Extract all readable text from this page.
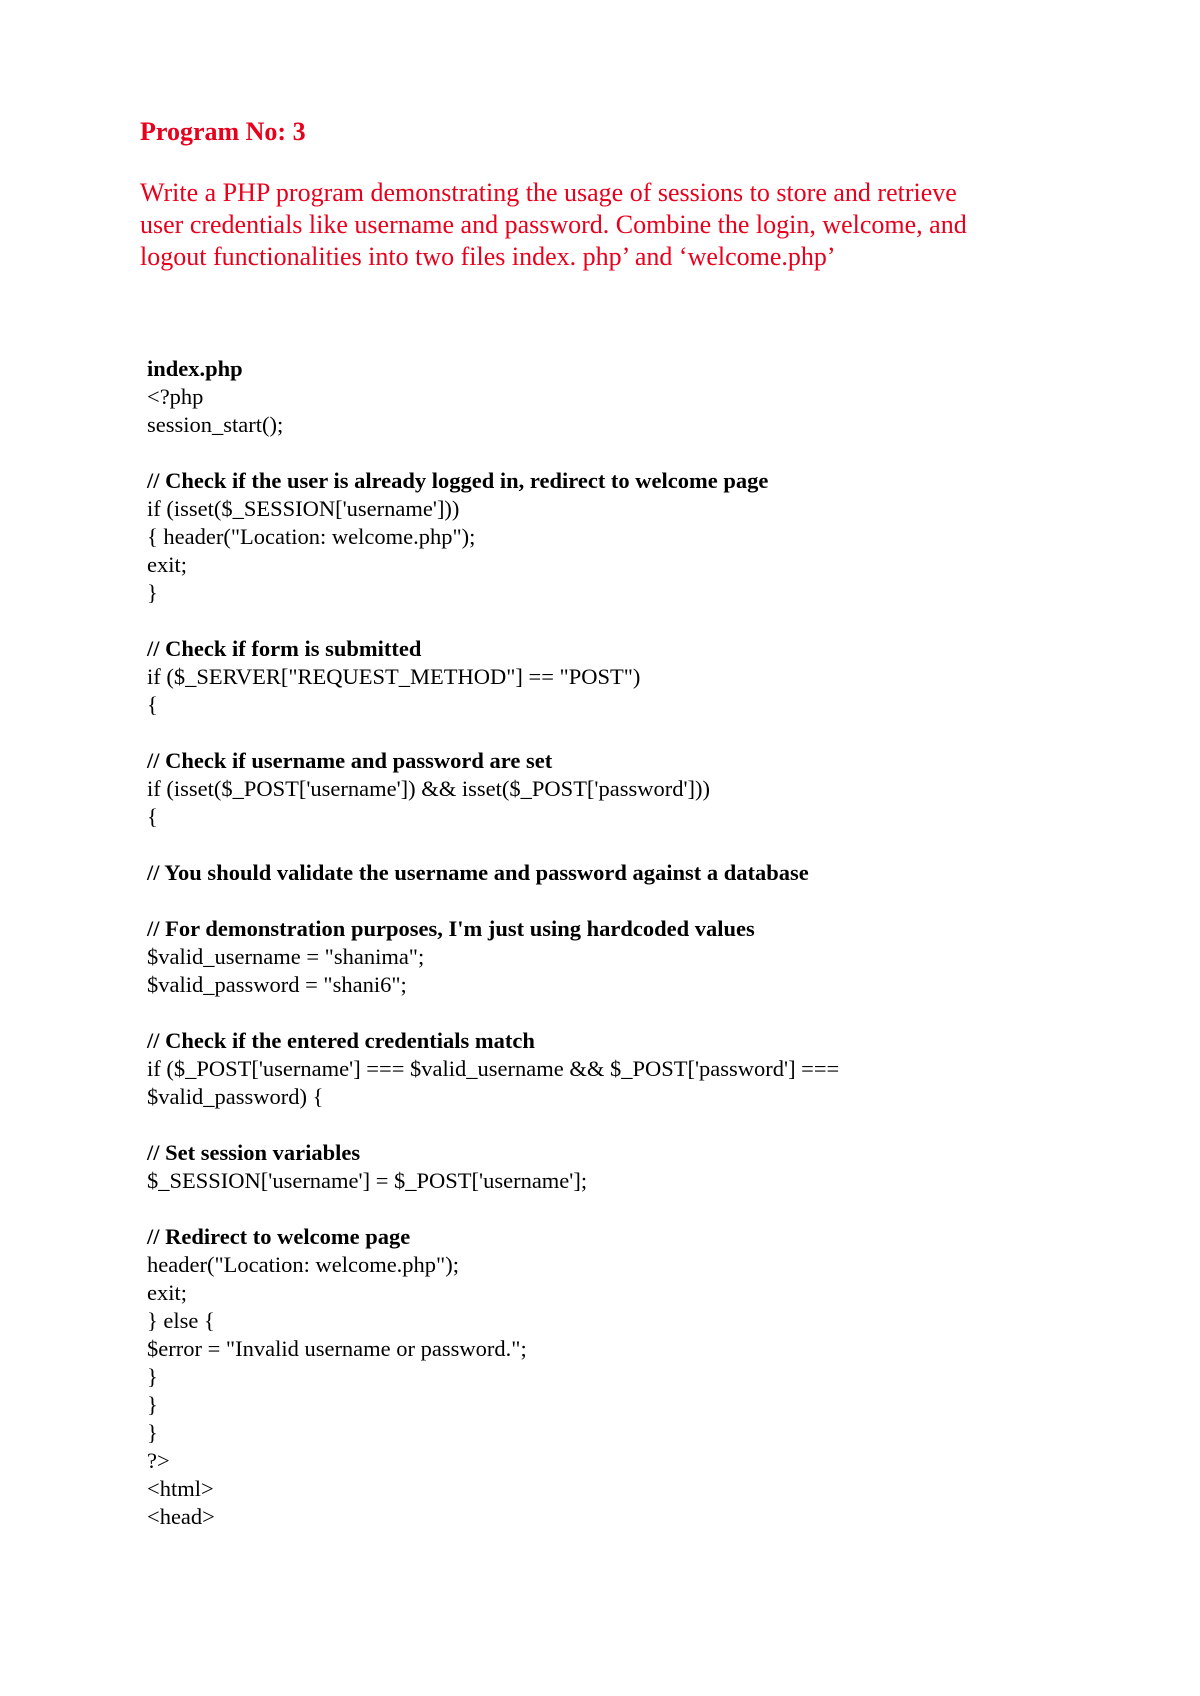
Program No: 3
Write a PHP program demonstrating the usage of sessions to store and retrieve
user credentials like username and password. Combine the login, welcome, and
logout functionalities into two files index. php’ and ‘welcome.php’
index.php
<?php
session_start();
// Check if the user is already logged in, redirect to welcome page
if (isset($_SESSION['username']))
{ header("Location: welcome.php");
exit;
}
// Check if form is submitted
if ($_SERVER["REQUEST_METHOD"] == "POST")
{
// Check if username and password are set
if (isset($_POST['username']) && isset($_POST['password']))
{
// You should validate the username and password against a database
// For demonstration purposes, I'm just using hardcoded values
$valid_username = "shanima";
$valid_password = "shani6";
// Check if the entered credentials match
if ($_POST['username'] === $valid_username && $_POST['password'] ===
$valid_password) {
// Set session variables
$_SESSION['username'] = $_POST['username'];
// Redirect to welcome page
header("Location: welcome.php");
exit;
} else {
$error = "Invalid username or password.";
}
}
}
?>
<html>
<head>
